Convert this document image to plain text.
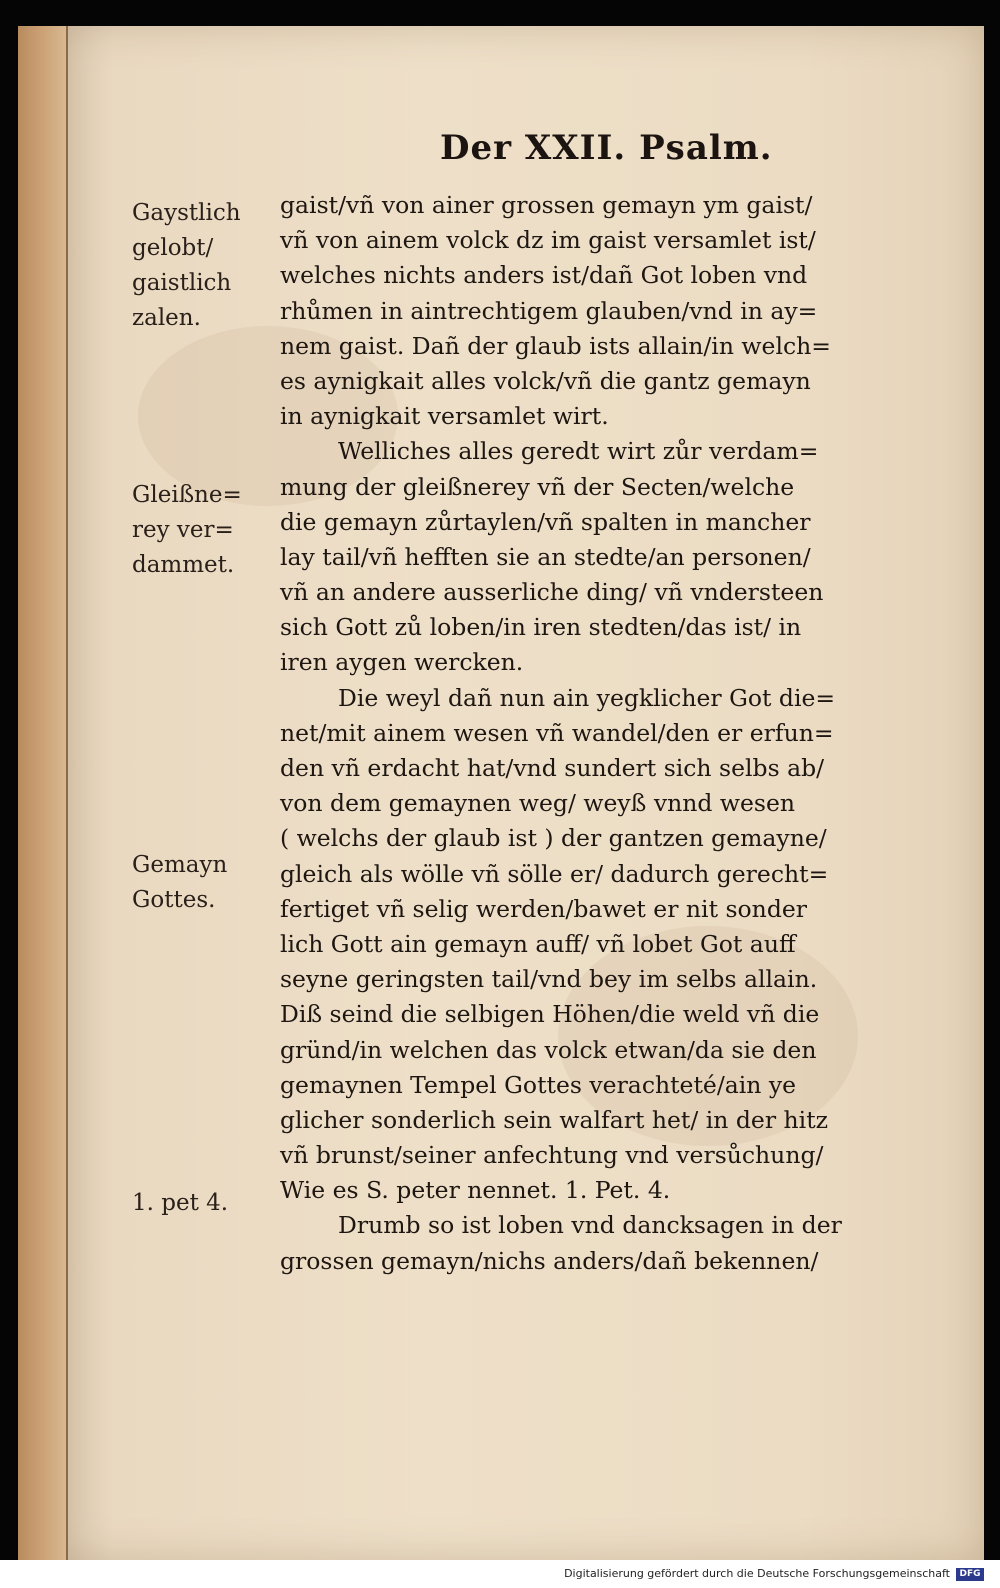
Der XXII. Psalm.
gaist/vñ von ainer grossen gemayn ym gaist/
vñ von ainem volck dz im gaist versamlet ist/
welches nichts anders ist/dañ Got loben vnd
rhůmen in aintrechtigem glauben/vnd in ay=
nem gaist. Dañ der glaub ists allain/in welch=
es aynigkait alles volck/vñ die gantz gemayn
in aynigkait versamlet wirt.
Welliches alles geredt wirt zůr verdam=
mung der gleißnerey vñ der Secten/welche
die gemayn zůrtaylen/vñ spalten in mancher
lay tail/vñ hefften sie an stedte/an personen/
vñ an andere ausserliche ding/ vñ vndersteen
sich Gott zů loben/in iren stedten/das ist/ in
iren aygen wercken.
Die weyl dañ nun ain yegklicher Got die=
net/mit ainem wesen vñ wandel/den er erfun=
den vñ erdacht hat/vnd sundert sich selbs ab/
von dem gemaynen weg/ weyß vnnd wesen
( welchs der glaub ist ) der gantzen gemayne/
gleich als wölle vñ sölle er/ dadurch gerecht=
fertiget vñ selig werden/bawet er nit sonder
lich Gott ain gemayn auff/ vñ lobet Got auff
seyne geringsten tail/vnd bey im selbs allain.
Diß seind die selbigen Höhen/die weld vñ die
gründ/in welchen das volck etwan/da sie den
gemaynen Tempel Gottes verachteté/ain ye
glicher sonderlich sein walfart het/ in der hitz
vñ brunst/seiner anfechtung vnd versůchung/
Wie es S. peter nennet. 1. Pet. 4.
Drumb so ist loben vnd dancksagen in der
grossen gemayn/nichs anders/dañ bekennen/
Gaystlich
gelobt/
gaistlich
zalen.
Gleißne=
rey ver=
dammet.
Gemayn
Gottes.
1. pet 4.
Digitalisierung gefördert durch die Deutsche Forschungsgemeinschaft	DFG
